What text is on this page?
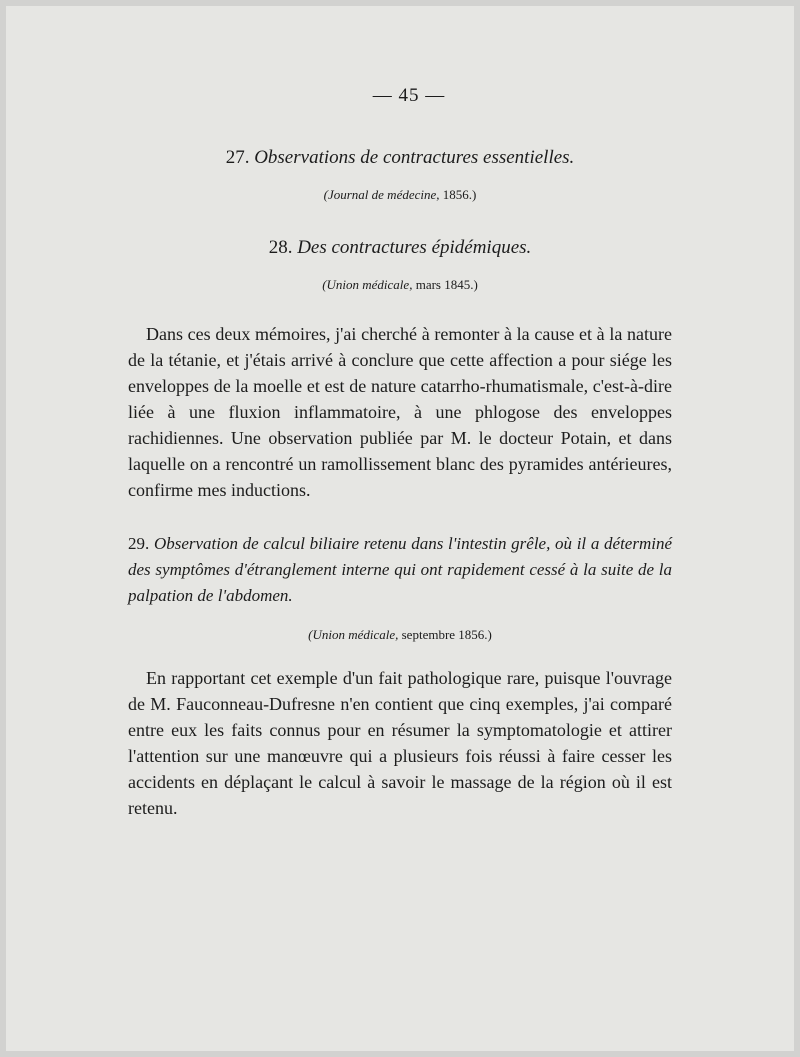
— 45 —

27. Observations de contractures essentielles.

(Journal de médecine, 1856.)

28. Des contractures épidémiques.

(Union médicale, mars 1845.)

Dans ces deux mémoires, j'ai cherché à remonter à la cause et à la nature de la tétanie, et j'étais arrivé à conclure que cette affection a pour siége les enveloppes de la moelle et est de nature catarrho-rhumatismale, c'est-à-dire liée à une fluxion inflammatoire, à une phlogose des enveloppes rachidiennes. Une observation publiée par M. le docteur Potain, et dans laquelle on a rencontré un ramollissement blanc des pyramides antérieures, confirme mes inductions.

29. Observation de calcul biliaire retenu dans l'intestin grêle, où il a déterminé des symptômes d'étranglement interne qui ont rapidement cessé à la suite de la palpation de l'abdomen.

(Union médicale, septembre 1856.)

En rapportant cet exemple d'un fait pathologique rare, puisque l'ouvrage de M. Fauconneau-Dufresne n'en contient que cinq exemples, j'ai comparé entre eux les faits connus pour en résumer la symptomatologie et attirer l'attention sur une manœuvre qui a plusieurs fois réussi à faire cesser les accidents en déplaçant le calcul à savoir le massage de la région où il est retenu.
